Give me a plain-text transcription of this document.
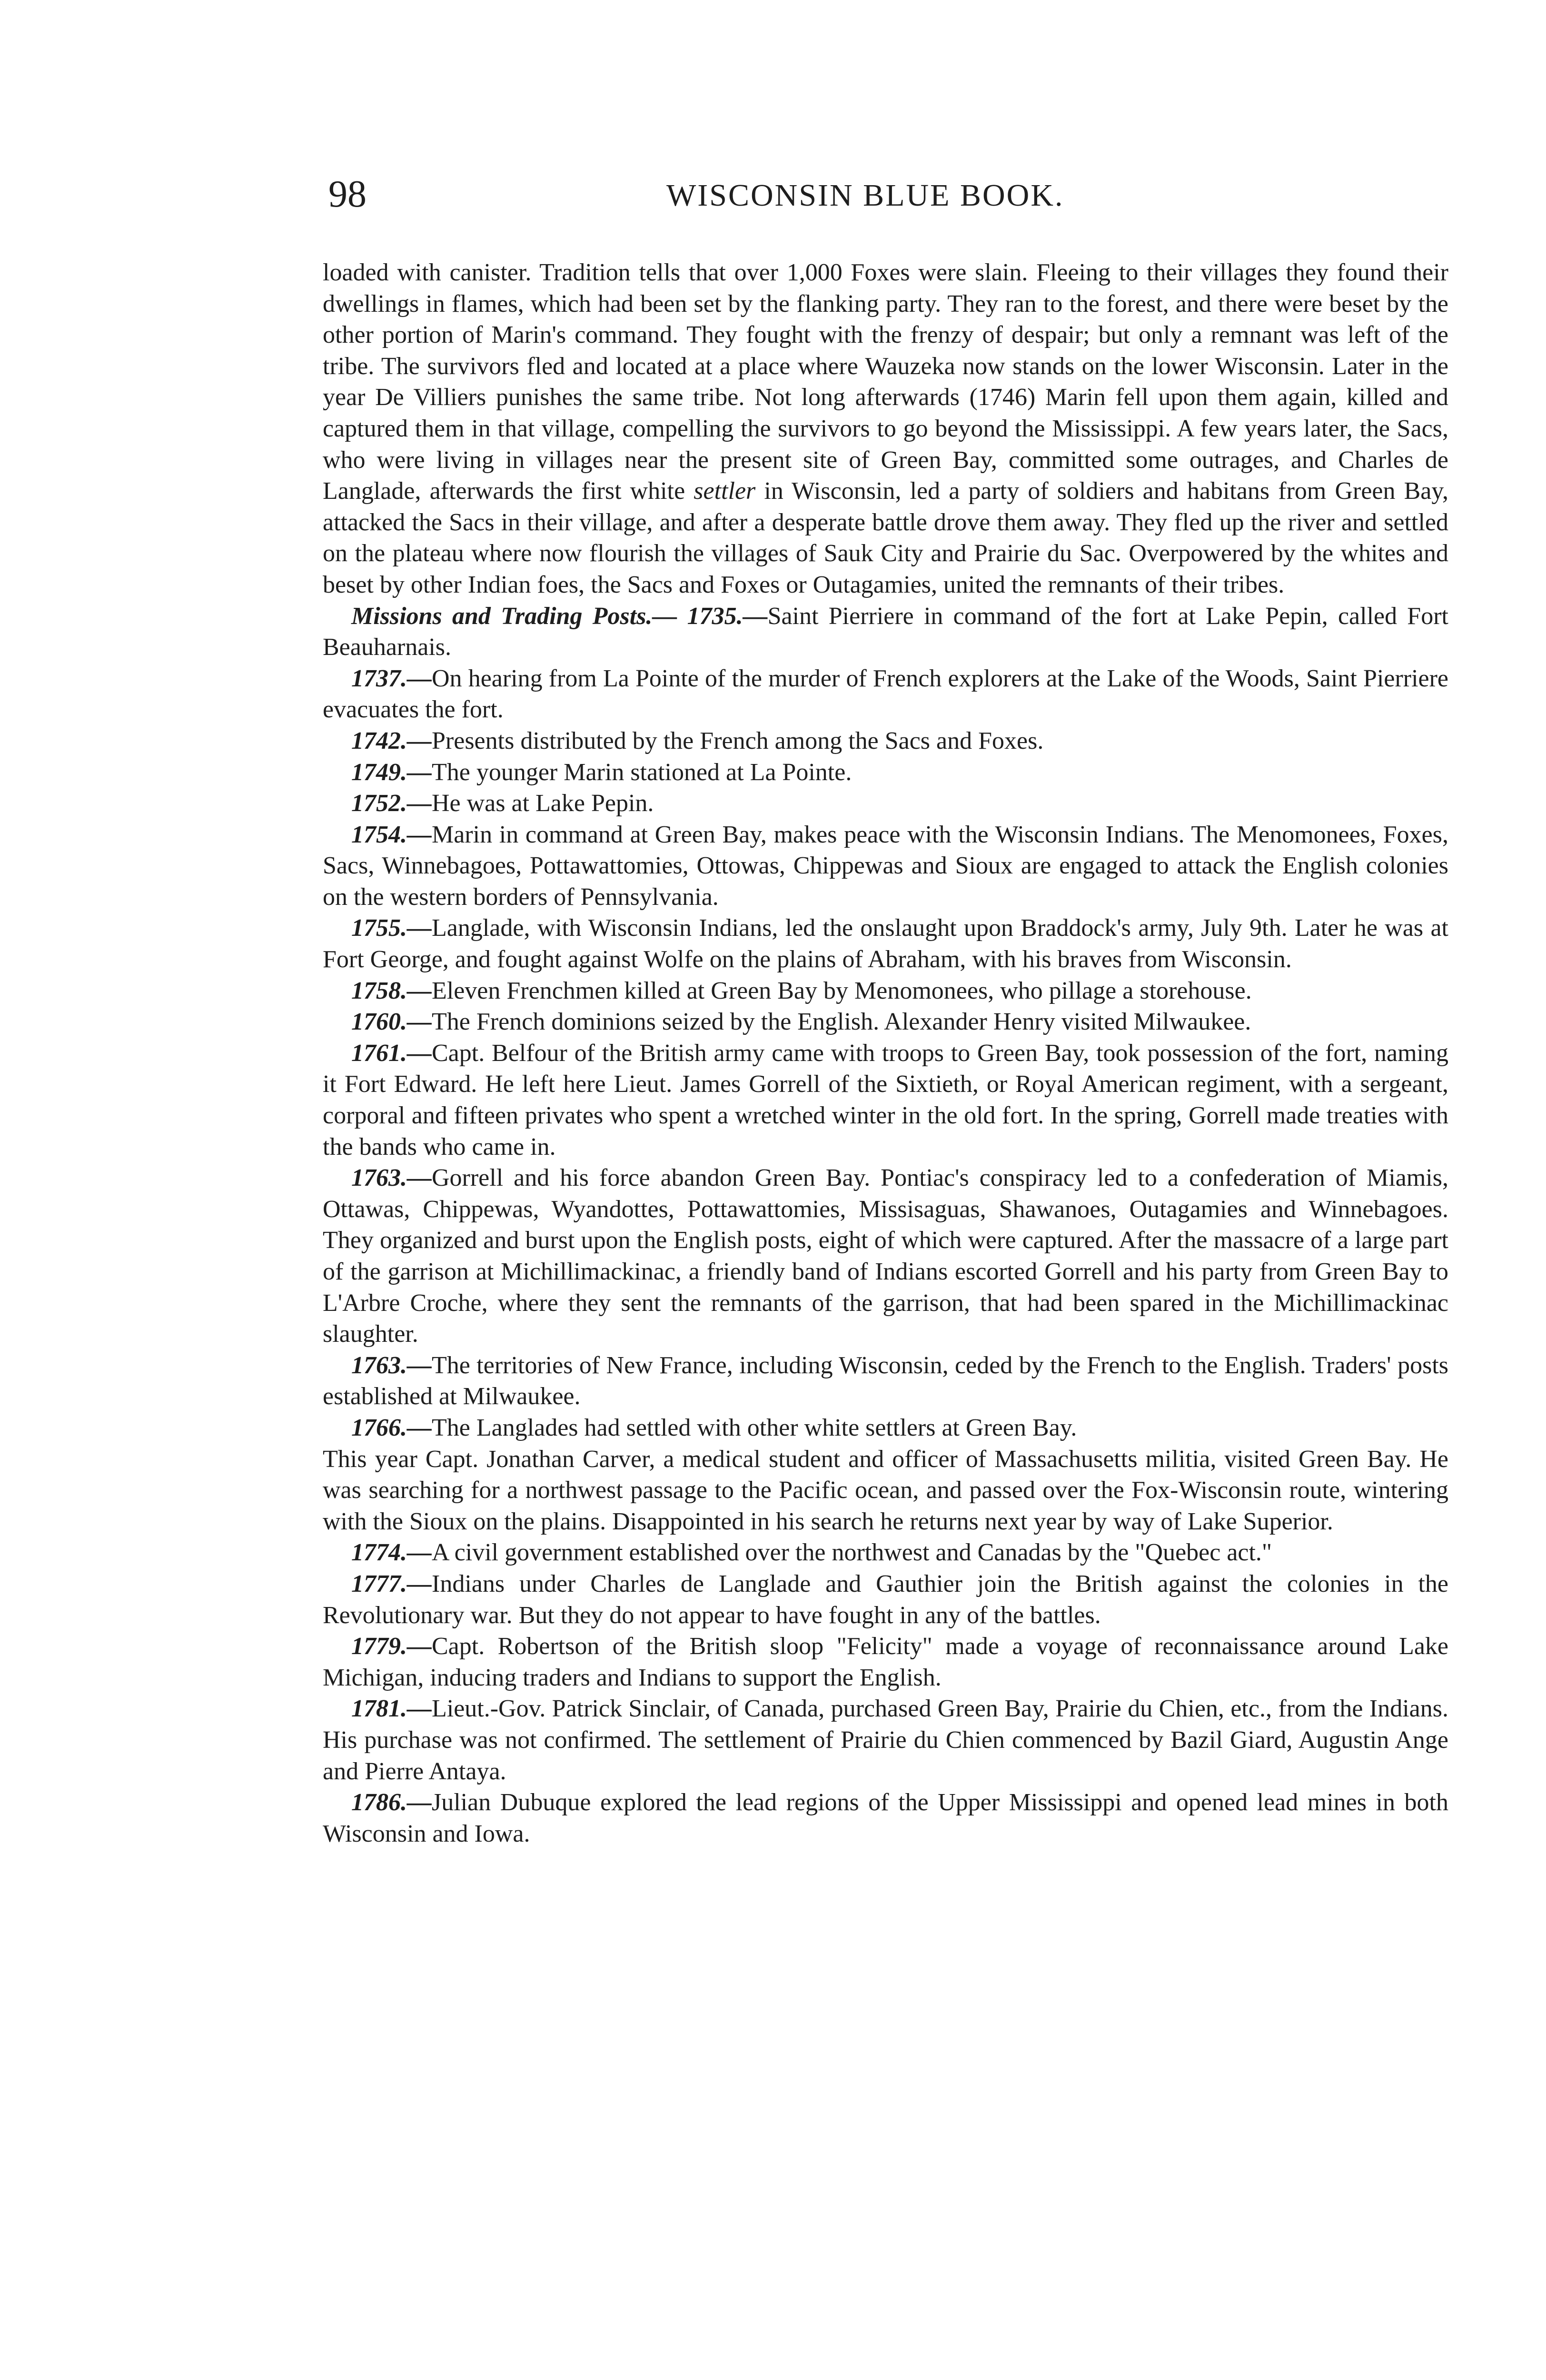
98	WISCONSIN BLUE BOOK.

loaded with canister. Tradition tells that over 1,000 Foxes were slain. Fleeing to their villages they found their dwellings in flames, which had been set by the flanking party. They ran to the forest, and there were beset by the other portion of Marin's command. They fought with the frenzy of despair; but only a remnant was left of the tribe. The survivors fled and located at a place where Wauzeka now stands on the lower Wisconsin. Later in the year De Villiers punishes the same tribe. Not long afterwards (1746) Marin fell upon them again, killed and captured them in that village, compelling the survivors to go beyond the Mississippi. A few years later, the Sacs, who were living in villages near the present site of Green Bay, committed some outrages, and Charles de Langlade, afterwards the first white settler in Wisconsin, led a party of soldiers and habitans from Green Bay, attacked the Sacs in their village, and after a desperate battle drove them away. They fled up the river and settled on the plateau where now flourish the villages of Sauk City and Prairie du Sac. Overpowered by the whites and beset by other Indian foes, the Sacs and Foxes or Outagamies, united the remnants of their tribes.

Missions and Trading Posts.— 1735.—Saint Pierriere in command of the fort at Lake Pepin, called Fort Beauharnais.

1737.—On hearing from La Pointe of the murder of French explorers at the Lake of the Woods, Saint Pierriere evacuates the fort.

1742.—Presents distributed by the French among the Sacs and Foxes.

1749.—The younger Marin stationed at La Pointe.

1752.—He was at Lake Pepin.

1754.—Marin in command at Green Bay, makes peace with the Wisconsin Indians. The Menomonees, Foxes, Sacs, Winnebagoes, Pottawattomies, Ottowas, Chippewas and Sioux are engaged to attack the English colonies on the western borders of Pennsylvania.

1755.—Langlade, with Wisconsin Indians, led the onslaught upon Braddock's army, July 9th. Later he was at Fort George, and fought against Wolfe on the plains of Abraham, with his braves from Wisconsin.

1758.—Eleven Frenchmen killed at Green Bay by Menomonees, who pillage a storehouse.

1760.—The French dominions seized by the English. Alexander Henry visited Milwaukee.

1761.—Capt. Belfour of the British army came with troops to Green Bay, took possession of the fort, naming it Fort Edward. He left here Lieut. James Gorrell of the Sixtieth, or Royal American regiment, with a sergeant, corporal and fifteen privates who spent a wretched winter in the old fort. In the spring, Gorrell made treaties with the bands who came in.

1763.—Gorrell and his force abandon Green Bay. Pontiac's conspiracy led to a confederation of Miamis, Ottawas, Chippewas, Wyandottes, Pottawattomies, Missisaguas, Shawanoes, Outagamies and Winnebagoes. They organized and burst upon the English posts, eight of which were captured. After the massacre of a large part of the garrison at Michillimackinac, a friendly band of Indians escorted Gorrell and his party from Green Bay to L'Arbre Croche, where they sent the remnants of the garrison, that had been spared in the Michillimackinac slaughter.

1763.—The territories of New France, including Wisconsin, ceded by the French to the English. Traders' posts established at Milwaukee.

1766.—The Langlades had settled with other white settlers at Green Bay.

This year Capt. Jonathan Carver, a medical student and officer of Massachusetts militia, visited Green Bay. He was searching for a northwest passage to the Pacific ocean, and passed over the Fox-Wisconsin route, wintering with the Sioux on the plains. Disappointed in his search he returns next year by way of Lake Superior.

1774.—A civil government established over the northwest and Canadas by the "Quebec act."

1777.—Indians under Charles de Langlade and Gauthier join the British against the colonies in the Revolutionary war. But they do not appear to have fought in any of the battles.

1779.—Capt. Robertson of the British sloop "Felicity" made a voyage of reconnaissance around Lake Michigan, inducing traders and Indians to support the English.

1781.—Lieut.-Gov. Patrick Sinclair, of Canada, purchased Green Bay, Prairie du Chien, etc., from the Indians. His purchase was not confirmed. The settlement of Prairie du Chien commenced by Bazil Giard, Augustin Ange and Pierre Antaya.

1786.—Julian Dubuque explored the lead regions of the Upper Mississippi and opened lead mines in both Wisconsin and Iowa.
